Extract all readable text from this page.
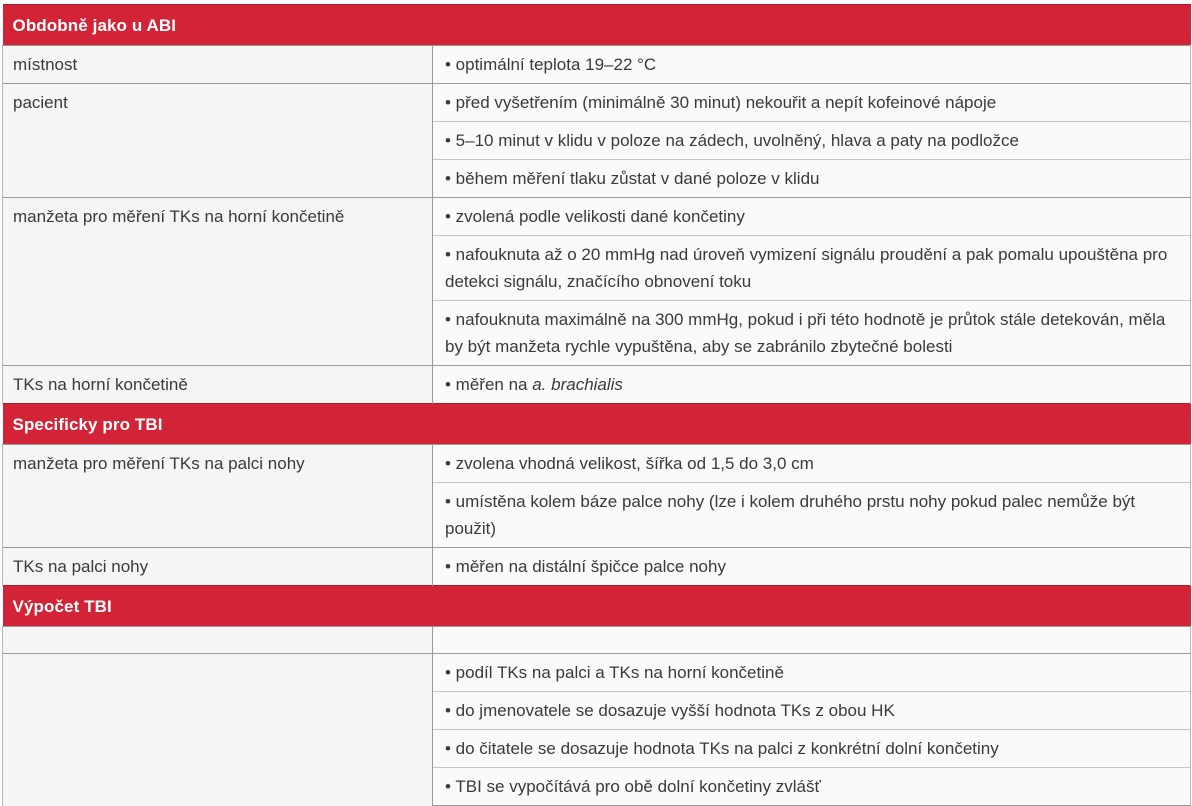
Obdobně jako u ABI	
místnost	• optimální teplota 19–22 °C
pacient	• před vyšetřením (minimálně 30 minut) nekouřit a nepít kofeinové nápoje
	• 5–10 minut v klidu v poloze na zádech, uvolněný, hlava a paty na podložce
	• během měření tlaku zůstat v dané poloze v klidu
manžeta pro měření TKs na horní končetině	• zvolená podle velikosti dané končetiny
	• nafouknuta až o 20 mmHg nad úroveň vymizení signálu proudění a pak pomalu upouštěna pro detekci signálu, značícího obnovení toku
	• nafouknuta maximálně na 300 mmHg, pokud i při této hodnotě je průtok stále detekován, měla by být manžeta rychle vypuštěna, aby se zabránilo zbytečné bolesti
TKs na horní končetině	• měřen na a. brachialis
Specificky pro TBI	
manžeta pro měření TKs na palci nohy	• zvolena vhodná velikost, šířka od 1,5 do 3,0 cm
	• umístěna kolem báze palce nohy (lze i kolem druhého prstu nohy pokud palec nemůže být použit)
TKs na palci nohy	• měřen na distální špičce palce nohy
Výpočet TBI	

	• podíl TKs na palci a TKs na horní končetině
	• do jmenovatele se dosazuje vyšší hodnota TKs z obou HK
	• do čitatele se dosazuje hodnota TKs na palci z konkrétní dolní končetiny
	• TBI se vypočítává pro obě dolní končetiny zvlášť
